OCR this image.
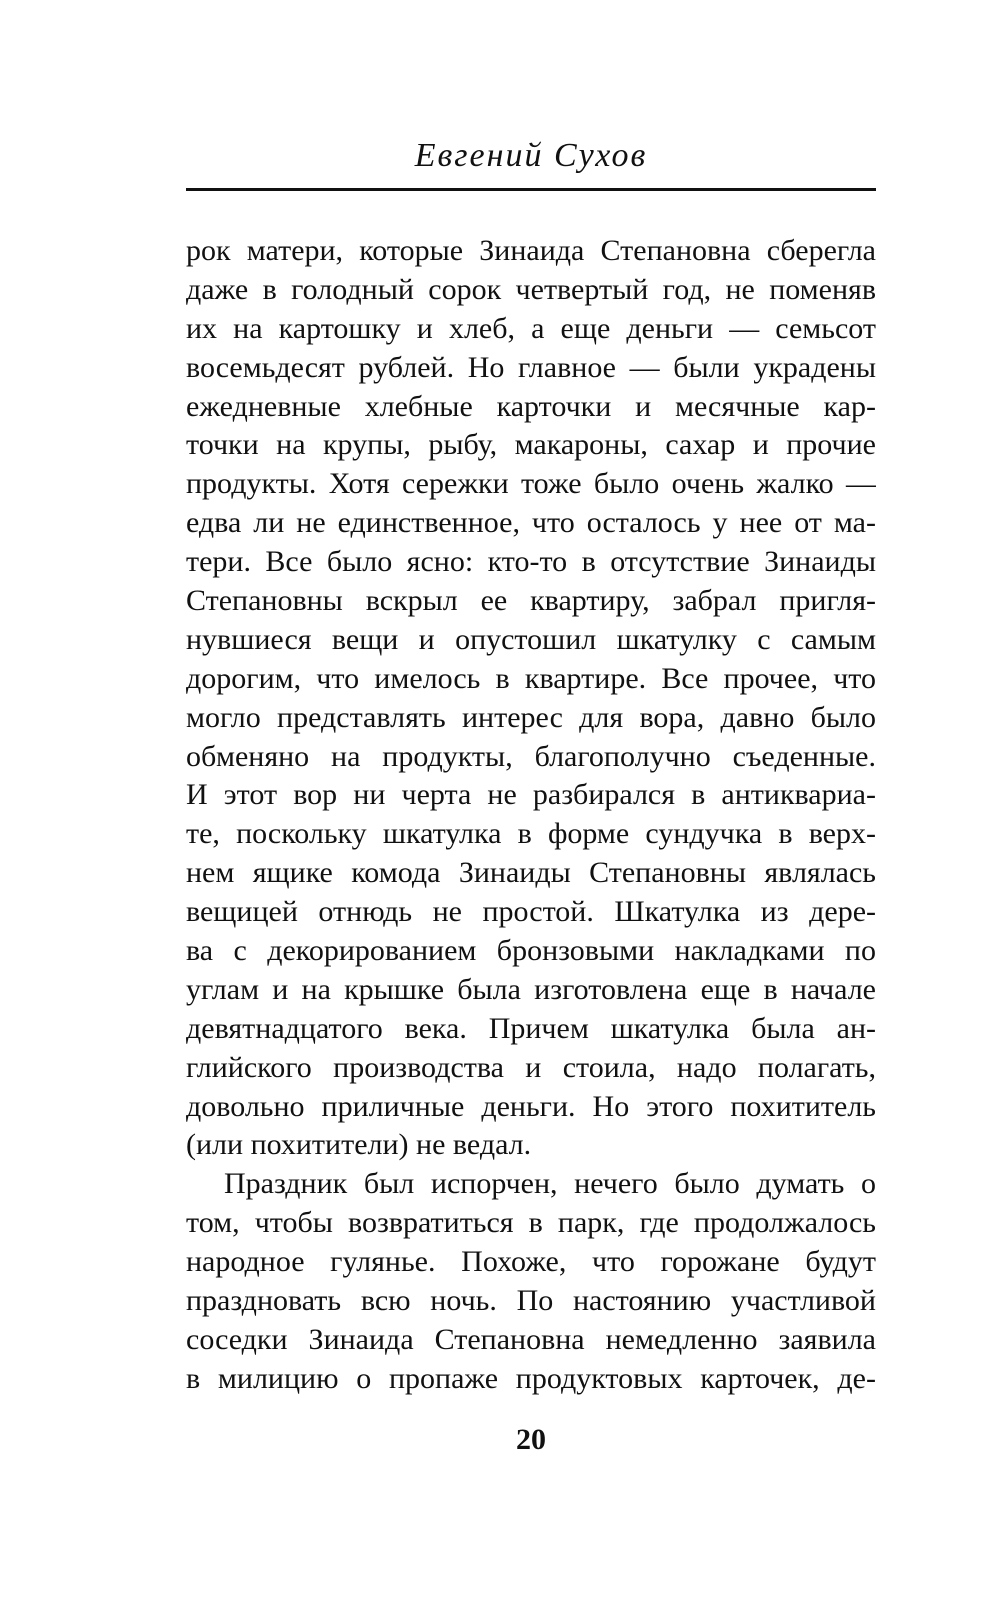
Евгений Сухов
рок матери, которые Зинаида Степановна сберегла
даже в голодный сорок четвертый год, не поменяв
их на картошку и хлеб, а еще деньги — семьсот
восемьдесят рублей. Но главное — были украдены
ежедневные хлебные карточки и месячные кар-
точки на крупы, рыбу, макароны, сахар и прочие
продукты. Хотя сережки тоже было очень жалко —
едва ли не единственное, что осталось у нее от ма-
тери. Все было ясно: кто-то в отсутствие Зинаиды
Степановны вскрыл ее квартиру, забрал пригля-
нувшиеся вещи и опустошил шкатулку с самым
дорогим, что имелось в квартире. Все прочее, что
могло представлять интерес для вора, давно было
обменяно на продукты, благополучно съеденные.
И этот вор ни черта не разбирался в антиквариа-
те, поскольку шкатулка в форме сундучка в верх-
нем ящике комода Зинаиды Степановны являлась
вещицей отнюдь не простой. Шкатулка из дере-
ва с декорированием бронзовыми накладками по
углам и на крышке была изготовлена еще в начале
девятнадцатого века. Причем шкатулка была ан-
глийского производства и стоила, надо полагать,
довольно приличные деньги. Но этого похититель
(или похитители) не ведал.
Праздник был испорчен, нечего было думать о
том, чтобы возвратиться в парк, где продолжалось
народное гулянье. Похоже, что горожане будут
праздновать всю ночь. По настоянию участливой
соседки Зинаида Степановна немедленно заявила
в милицию о пропаже продуктовых карточек, де-
20
